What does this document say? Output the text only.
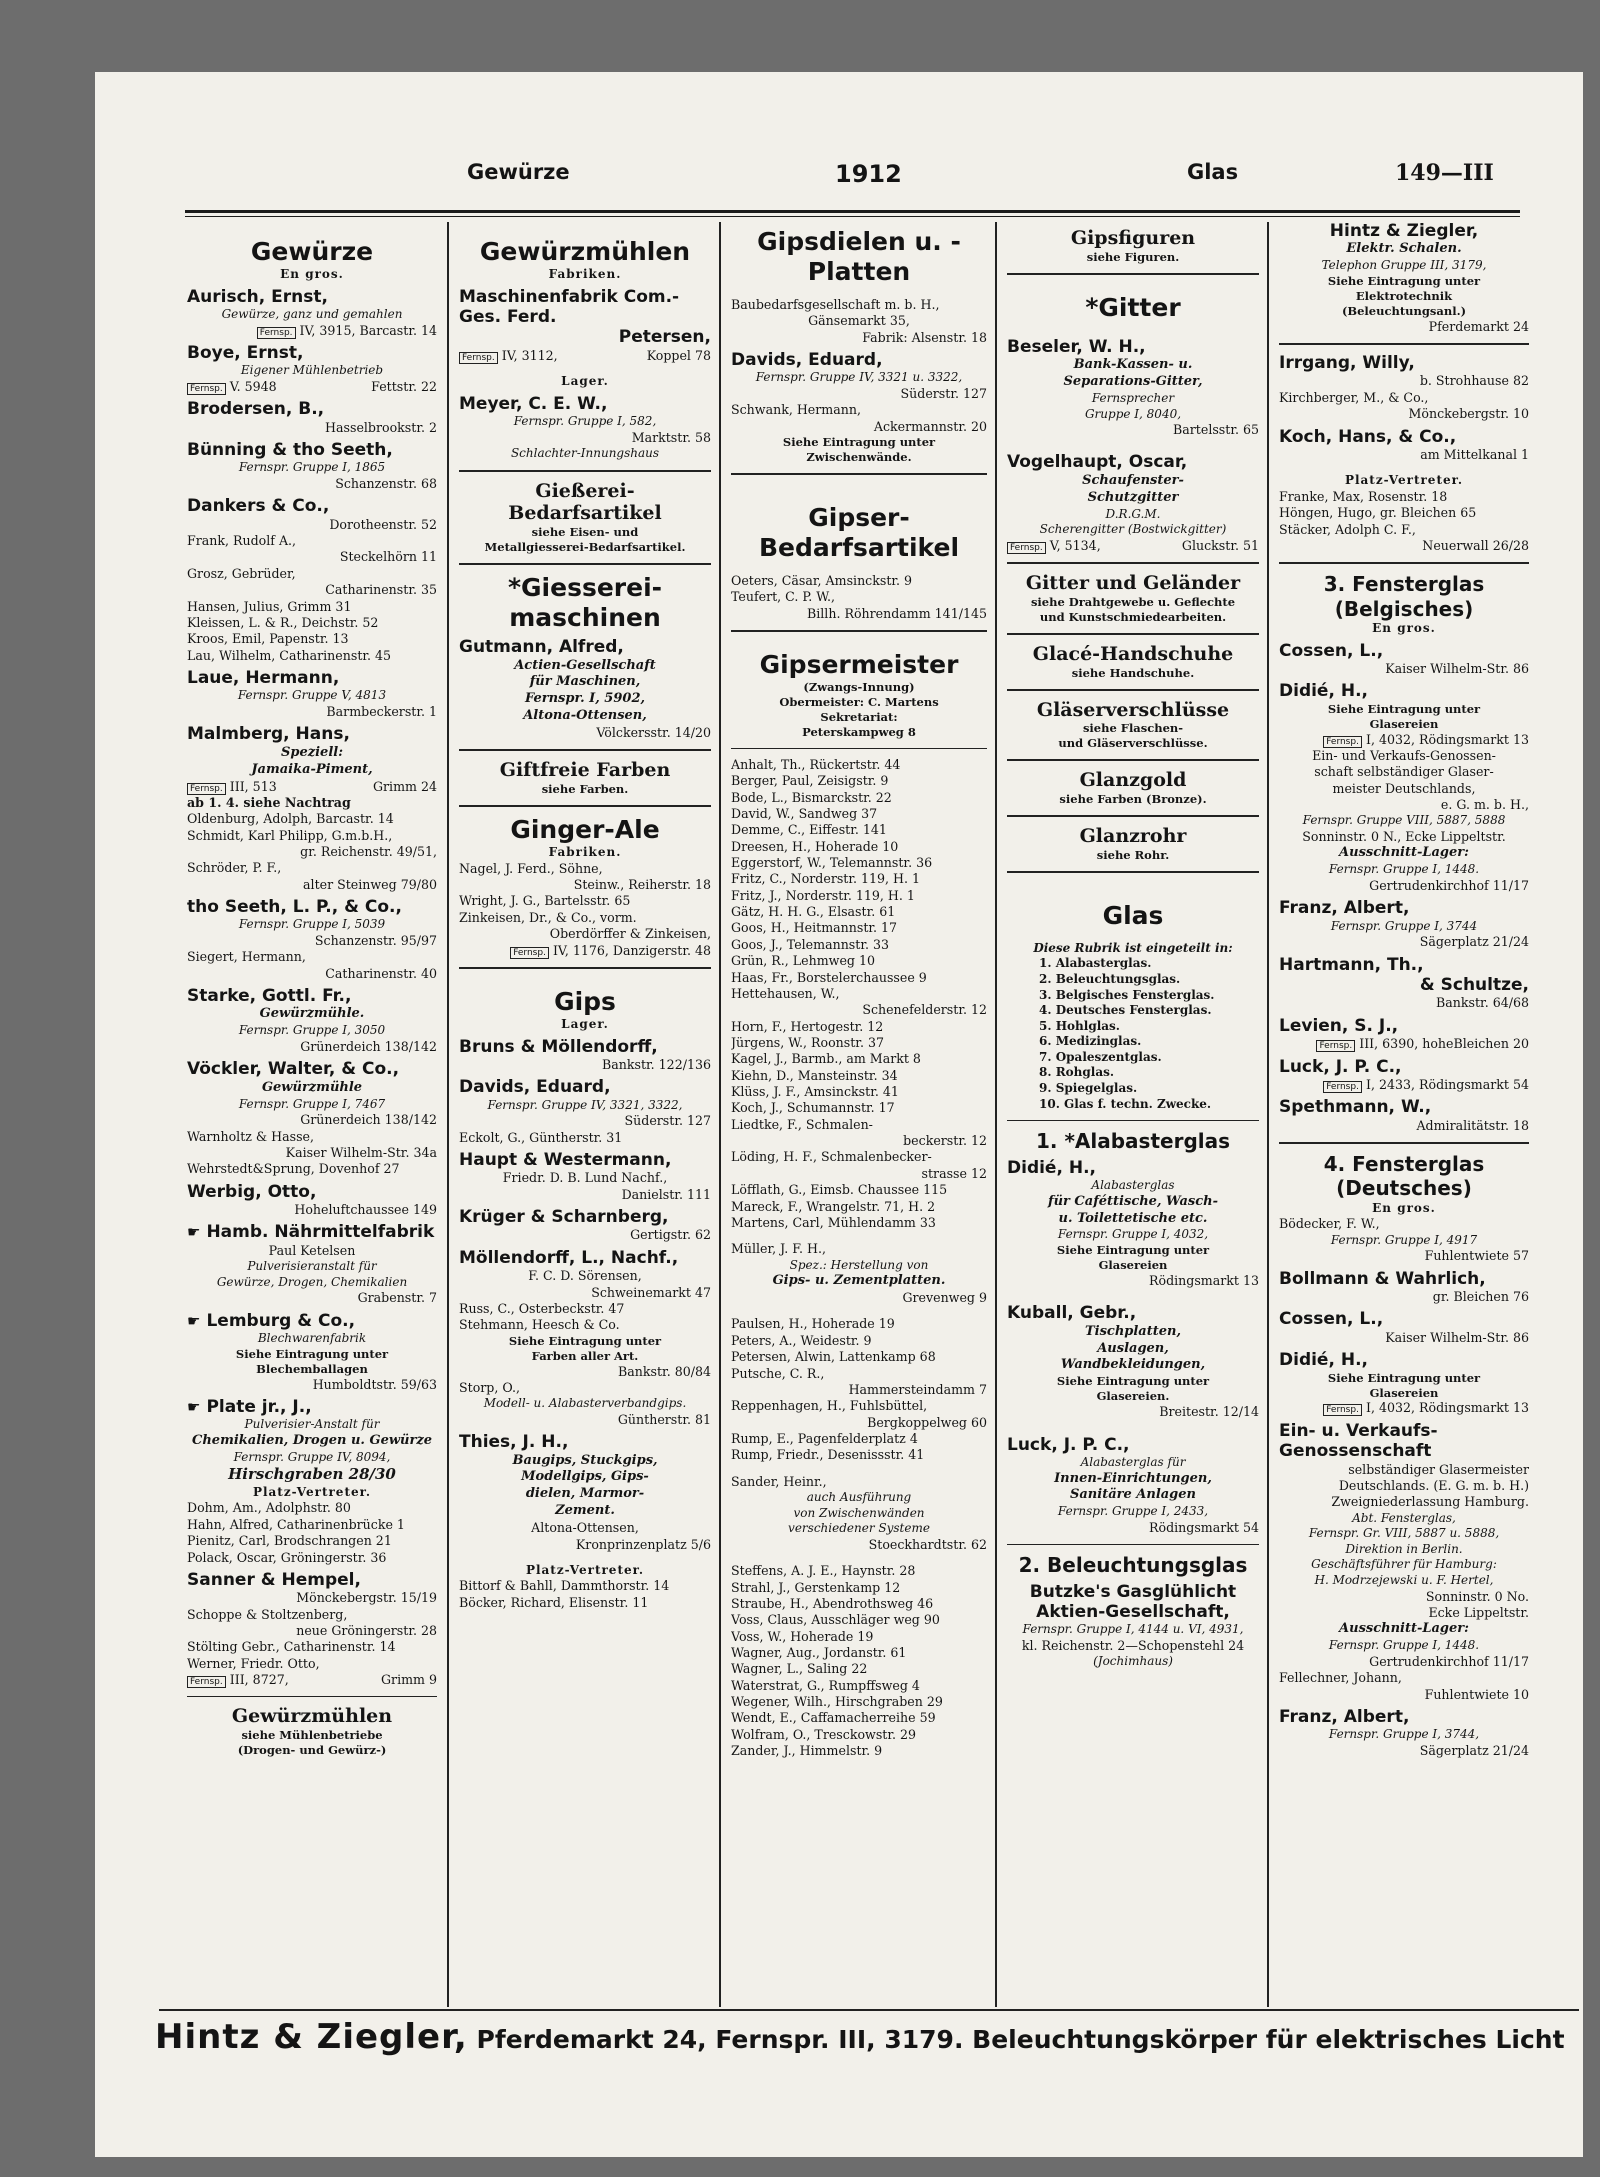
Gewürze	1912	Glas	149—III

Gewürze

En gros.

Aurisch, Ernst,

Gewürze, ganz und gemahlen

Fernsp. IV, 3915, Barcastr. 14

Boye, Ernst,

Eigener Mühlenbetrieb

Fernsp. V. 5948	Fettstr. 22

Brodersen, B.,

Hasselbrookstr. 2

Bünning & tho Seeth,

Fernspr. Gruppe I, 1865

Schanzenstr. 68

Dankers & Co.,

Dorotheenstr. 52

Frank, Rudolf A.,

Steckelhörn 11

Grosz, Gebrüder,

Catharinenstr. 35

Hansen, Julius, Grimm 31

Kleissen, L. & R., Deichstr. 52

Kroos, Emil, Papenstr. 13

Lau, Wilhelm, Catharinenstr. 45

Laue, Hermann,

Fernspr. Gruppe V, 4813

Barmbeckerstr. 1

Malmberg, Hans,

Speziell:

Jamaika-Piment,

Fernsp. III, 513	Grimm 24

ab 1. 4. siehe Nachtrag

Oldenburg, Adolph, Barcastr. 14

Schmidt, Karl Philipp, G.m.b.H.,

gr. Reichenstr. 49/51,

Schröder, P. F.,

alter Steinweg 79/80

tho Seeth, L. P., & Co.,

Fernspr. Gruppe I, 5039

Schanzenstr. 95/97

Siegert, Hermann,

Catharinenstr. 40

Starke, Gottl. Fr.,

Gewürzmühle.

Fernspr. Gruppe I, 3050

Grünerdeich 138/142

Vöckler, Walter, & Co.,

Gewürzmühle

Fernspr. Gruppe I, 7467

Grünerdeich 138/142

Warnholtz & Hasse,

Kaiser Wilhelm-Str. 34a

Wehrstedt&Sprung, Dovenhof 27

Werbig, Otto,

Hoheluftchaussee 149

☛ Hamb. Nährmittelfabrik

Paul Ketelsen

Pulverisieranstalt für

Gewürze, Drogen, Chemikalien

Grabenstr. 7

☛ Lemburg & Co.,

Blechwarenfabrik

Siehe Eintragung unter

Blechemballagen

Humboldtstr. 59/63

☛ Plate jr., J.,

Pulverisier-Anstalt für

Chemikalien, Drogen u. Gewürze

Fernspr. Gruppe IV, 8094,

Hirschgraben 28/30

Platz-Vertreter.

Dohm, Am., Adolphstr. 80

Hahn, Alfred, Catharinenbrücke 1

Pienitz, Carl, Brodschrangen 21

Polack, Oscar, Gröningerstr. 36

Sanner & Hempel,

Mönckebergstr. 15/19

Schoppe & Stoltzenberg,

neue Gröningerstr. 28

Stölting Gebr., Catharinenstr. 14

Werner, Friedr. Otto,

Fernsp. III, 8727,	Grimm 9

Gewürzmühlen

siehe Mühlenbetriebe

(Drogen- und Gewürz-)

Gewürzmühlen

Fabriken.

Maschinenfabrik Com.-Ges. Ferd.

Petersen,

Fernsp. IV, 3112,	Koppel 78

Lager.

Meyer, C. E. W.,

Fernspr. Gruppe I, 582,

Marktstr. 58

Schlachter-Innungshaus

Gießerei-Bedarfsartikel

siehe Eisen- und

Metallgiesserei-Bedarfsartikel.

*Giesserei-maschinen

Gutmann, Alfred,

Actien-Gesellschaft

für Maschinen,

Fernspr. I, 5902,

Altona-Ottensen,

Völckersstr. 14/20

Giftfreie Farben

siehe Farben.

Ginger-Ale

Fabriken.

Nagel, J. Ferd., Söhne,

Steinw., Reiherstr. 18

Wright, J. G., Bartelsstr. 65

Zinkeisen, Dr., & Co., vorm.

Oberdörffer & Zinkeisen,

Fernsp. IV, 1176, Danzigerstr. 48

Gips

Lager.

Bruns & Möllendorff,

Bankstr. 122/136

Davids, Eduard,

Fernspr. Gruppe IV, 3321, 3322,

Süderstr. 127

Eckolt, G., Güntherstr. 31

Haupt & Westermann,

Friedr. D. B. Lund Nachf.,

Danielstr. 111

Krüger & Scharnberg,

Gertigstr. 62

Möllendorff, L., Nachf.,

F. C. D. Sörensen,

Schweinemarkt 47

Russ, C., Osterbeckstr. 47

Stehmann, Heesch & Co.

Siehe Eintragung unter

Farben aller Art.

Bankstr. 80/84

Storp, O.,

Modell- u. Alabasterverbandgips.

Güntherstr. 81

Thies, J. H.,

Baugips, Stuckgips,

Modellgips, Gips-

dielen, Marmor-

Zement.

Altona-Ottensen,

Kronprinzenplatz 5/6

Platz-Vertreter.

Bittorf & Bahll, Dammthorstr. 14

Böcker, Richard, Elisenstr. 11

Gipsdielen u. -Platten

Baubedarfsgesellschaft m. b. H.,

Gänsemarkt 35,

Fabrik: Alsenstr. 18

Davids, Eduard,

Fernspr. Gruppe IV, 3321 u. 3322,

Süderstr. 127

Schwank, Hermann,

Ackermannstr. 20

Siehe Eintragung unter

Zwischenwände.

Gipser-Bedarfsartikel

Oeters, Cäsar, Amsinckstr. 9

Teufert, C. P. W.,

Billh. Röhrendamm 141/145

Gipsermeister

(Zwangs-Innung)

Obermeister: C. Martens

Sekretariat:

Peterskampweg 8

Anhalt, Th., Rückertstr. 44

Berger, Paul, Zeisigstr. 9

Bode, L., Bismarckstr. 22

David, W., Sandweg 37

Demme, C., Eiffestr. 141

Dreesen, H., Hoherade 10

Eggerstorf, W., Telemannstr. 36

Fritz, C., Norderstr. 119, H. 1

Fritz, J., Norderstr. 119, H. 1

Gätz, H. H. G., Elsastr. 61

Goos, H., Heitmannstr. 17

Goos, J., Telemannstr. 33

Grün, R., Lehmweg 10

Haas, Fr., Borstelerchaussee 9

Hettehausen, W.,

Schenefelderstr. 12

Horn, F., Hertogestr. 12

Jürgens, W., Roonstr. 37

Kagel, J., Barmb., am Markt 8

Kiehn, D., Mansteinstr. 34

Klüss, J. F., Amsinckstr. 41

Koch, J., Schumannstr. 17

Liedtke, F., Schmalen-

beckerstr. 12

Löding, H. F., Schmalenbecker-

strasse 12

Löfflath, G., Eimsb. Chaussee 115

Mareck, F., Wrangelstr. 71, H. 2

Martens, Carl, Mühlendamm 33

Müller, J. F. H.,

Spez.: Herstellung von

Gips- u. Zementplatten.

Grevenweg 9

Paulsen, H., Hoherade 19

Peters, A., Weidestr. 9

Petersen, Alwin, Lattenkamp 68

Putsche, C. R.,

Hammersteindamm 7

Reppenhagen, H., Fuhlsbüttel,

Bergkoppelweg 60

Rump, E., Pagenfelderplatz 4

Rump, Friedr., Desenissstr. 41

Sander, Heinr.,

auch Ausführung

von Zwischenwänden

verschiedener Systeme

Stoeckhardtstr. 62

Steffens, A. J. E., Haynstr. 28

Strahl, J., Gerstenkamp 12

Straube, H., Abendrothsweg 46

Voss, Claus, Ausschläger weg 90

Voss, W., Hoherade 19

Wagner, Aug., Jordanstr. 61

Wagner, L., Saling 22

Waterstrat, G., Rumpffsweg 4

Wegener, Wilh., Hirschgraben 29

Wendt, E., Caffamacherreihe 59

Wolfram, O., Tresckowstr. 29

Zander, J., Himmelstr. 9

Gipsfiguren

siehe Figuren.

*Gitter

Beseler, W. H.,

Bank-Kassen- u.

Separations-Gitter,

Fernsprecher

Gruppe I, 8040,

Bartelsstr. 65

Vogelhaupt, Oscar,

Schaufenster-

Schutzgitter

D.R.G.M.

Scherengitter (Bostwickgitter)

Fernsp. V, 5134,	Gluckstr. 51

Gitter und Geländer

siehe Drahtgewebe u. Geflechte

und Kunstschmiedearbeiten.

Glacé-Handschuhe

siehe Handschuhe.

Gläserverschlüsse

siehe Flaschen-

und Gläserverschlüsse.

Glanzgold

siehe Farben (Bronze).

Glanzrohr

siehe Rohr.

Glas

Diese Rubrik ist eingeteilt in:

1. Alabasterglas.

2. Beleuchtungsglas.

3. Belgisches Fensterglas.

4. Deutsches Fensterglas.

5. Hohlglas.

6. Medizinglas.

7. Opaleszentglas.

8. Rohglas.

9. Spiegelglas.

10. Glas f. techn. Zwecke.

1. *Alabasterglas

Didié, H.,

Alabasterglas

für Caféttische, Wasch-

u. Toilettetische etc.

Fernspr. Gruppe I, 4032,

Siehe Eintragung unter

Glasereien

Rödingsmarkt 13

Kuball, Gebr.,

Tischplatten,

Auslagen,

Wandbekleidungen,

Siehe Eintragung unter

Glasereien.

Breitestr. 12/14

Luck, J. P. C.,

Alabasterglas für

Innen-Einrichtungen,

Sanitäre Anlagen

Fernspr. Gruppe I, 2433,

Rödingsmarkt 54

2. Beleuchtungsglas

Butzke's Gasglühlicht Aktien-Gesellschaft,

Fernspr. Gruppe I, 4144 u. VI, 4931,

kl. Reichenstr. 2—Schopenstehl 24

(Jochimhaus)

Hintz & Ziegler,

Elektr. Schalen.

Telephon Gruppe III, 3179,

Siehe Eintragung unter

Elektrotechnik

(Beleuchtungsanl.)

Pferdemarkt 24

Irrgang, Willy,

b. Strohhause 82

Kirchberger, M., & Co.,

Mönckebergstr. 10

Koch, Hans, & Co.,

am Mittelkanal 1

Platz-Vertreter.

Franke, Max, Rosenstr. 18

Höngen, Hugo, gr. Bleichen 65

Stäcker, Adolph C. F.,

Neuerwall 26/28

3. Fensterglas (Belgisches)

En gros.

Cossen, L.,

Kaiser Wilhelm-Str. 86

Didié, H.,

Siehe Eintragung unter

Glasereien

Fernsp. I, 4032, Rödingsmarkt 13

Ein- und Verkaufs-Genossen-

schaft selbständiger Glaser-

meister Deutschlands,

e. G. m. b. H.,

Fernspr. Gruppe VIII, 5887, 5888

Sonninstr. 0 N., Ecke Lippeltstr.

Ausschnitt-Lager:

Fernspr. Gruppe I, 1448.

Gertrudenkirchhof 11/17

Franz, Albert,

Fernspr. Gruppe I, 3744

Sägerplatz 21/24

Hartmann, Th.,

& Schultze,

Bankstr. 64/68

Levien, S. J.,

Fernsp. III, 6390, hoheBleichen 20

Luck, J. P. C.,

Fernsp. I, 2433, Rödingsmarkt 54

Spethmann, W.,

Admiralitätstr. 18

4. Fensterglas (Deutsches)

En gros.

Bödecker, F. W.,

Fernspr. Gruppe I, 4917

Fuhlentwiete 57

Bollmann & Wahrlich,

gr. Bleichen 76

Cossen, L.,

Kaiser Wilhelm-Str. 86

Didié, H.,

Siehe Eintragung unter

Glasereien

Fernsp. I, 4032, Rödingsmarkt 13

Ein- u. Verkaufs-Genossenschaft

selbständiger Glasermeister

Deutschlands. (E. G. m. b. H.)

Zweigniederlassung Hamburg.

Abt. Fensterglas,

Fernspr. Gr. VIII, 5887 u. 5888,

Direktion in Berlin.

Geschäftsführer für Hamburg:

H. Modrzejewski u. F. Hertel,

Sonninstr. 0 No.

Ecke Lippeltstr.

Ausschnitt-Lager:

Fernspr. Gruppe I, 1448.

Gertrudenkirchhof 11/17

Fellechner, Johann,

Fuhlentwiete 10

Franz, Albert,

Fernspr. Gruppe I, 3744,

Sägerplatz 21/24

Hintz & Ziegler, Pferdemarkt 24, Fernspr. III, 3179. Beleuchtungskörper für elektrisches Licht
